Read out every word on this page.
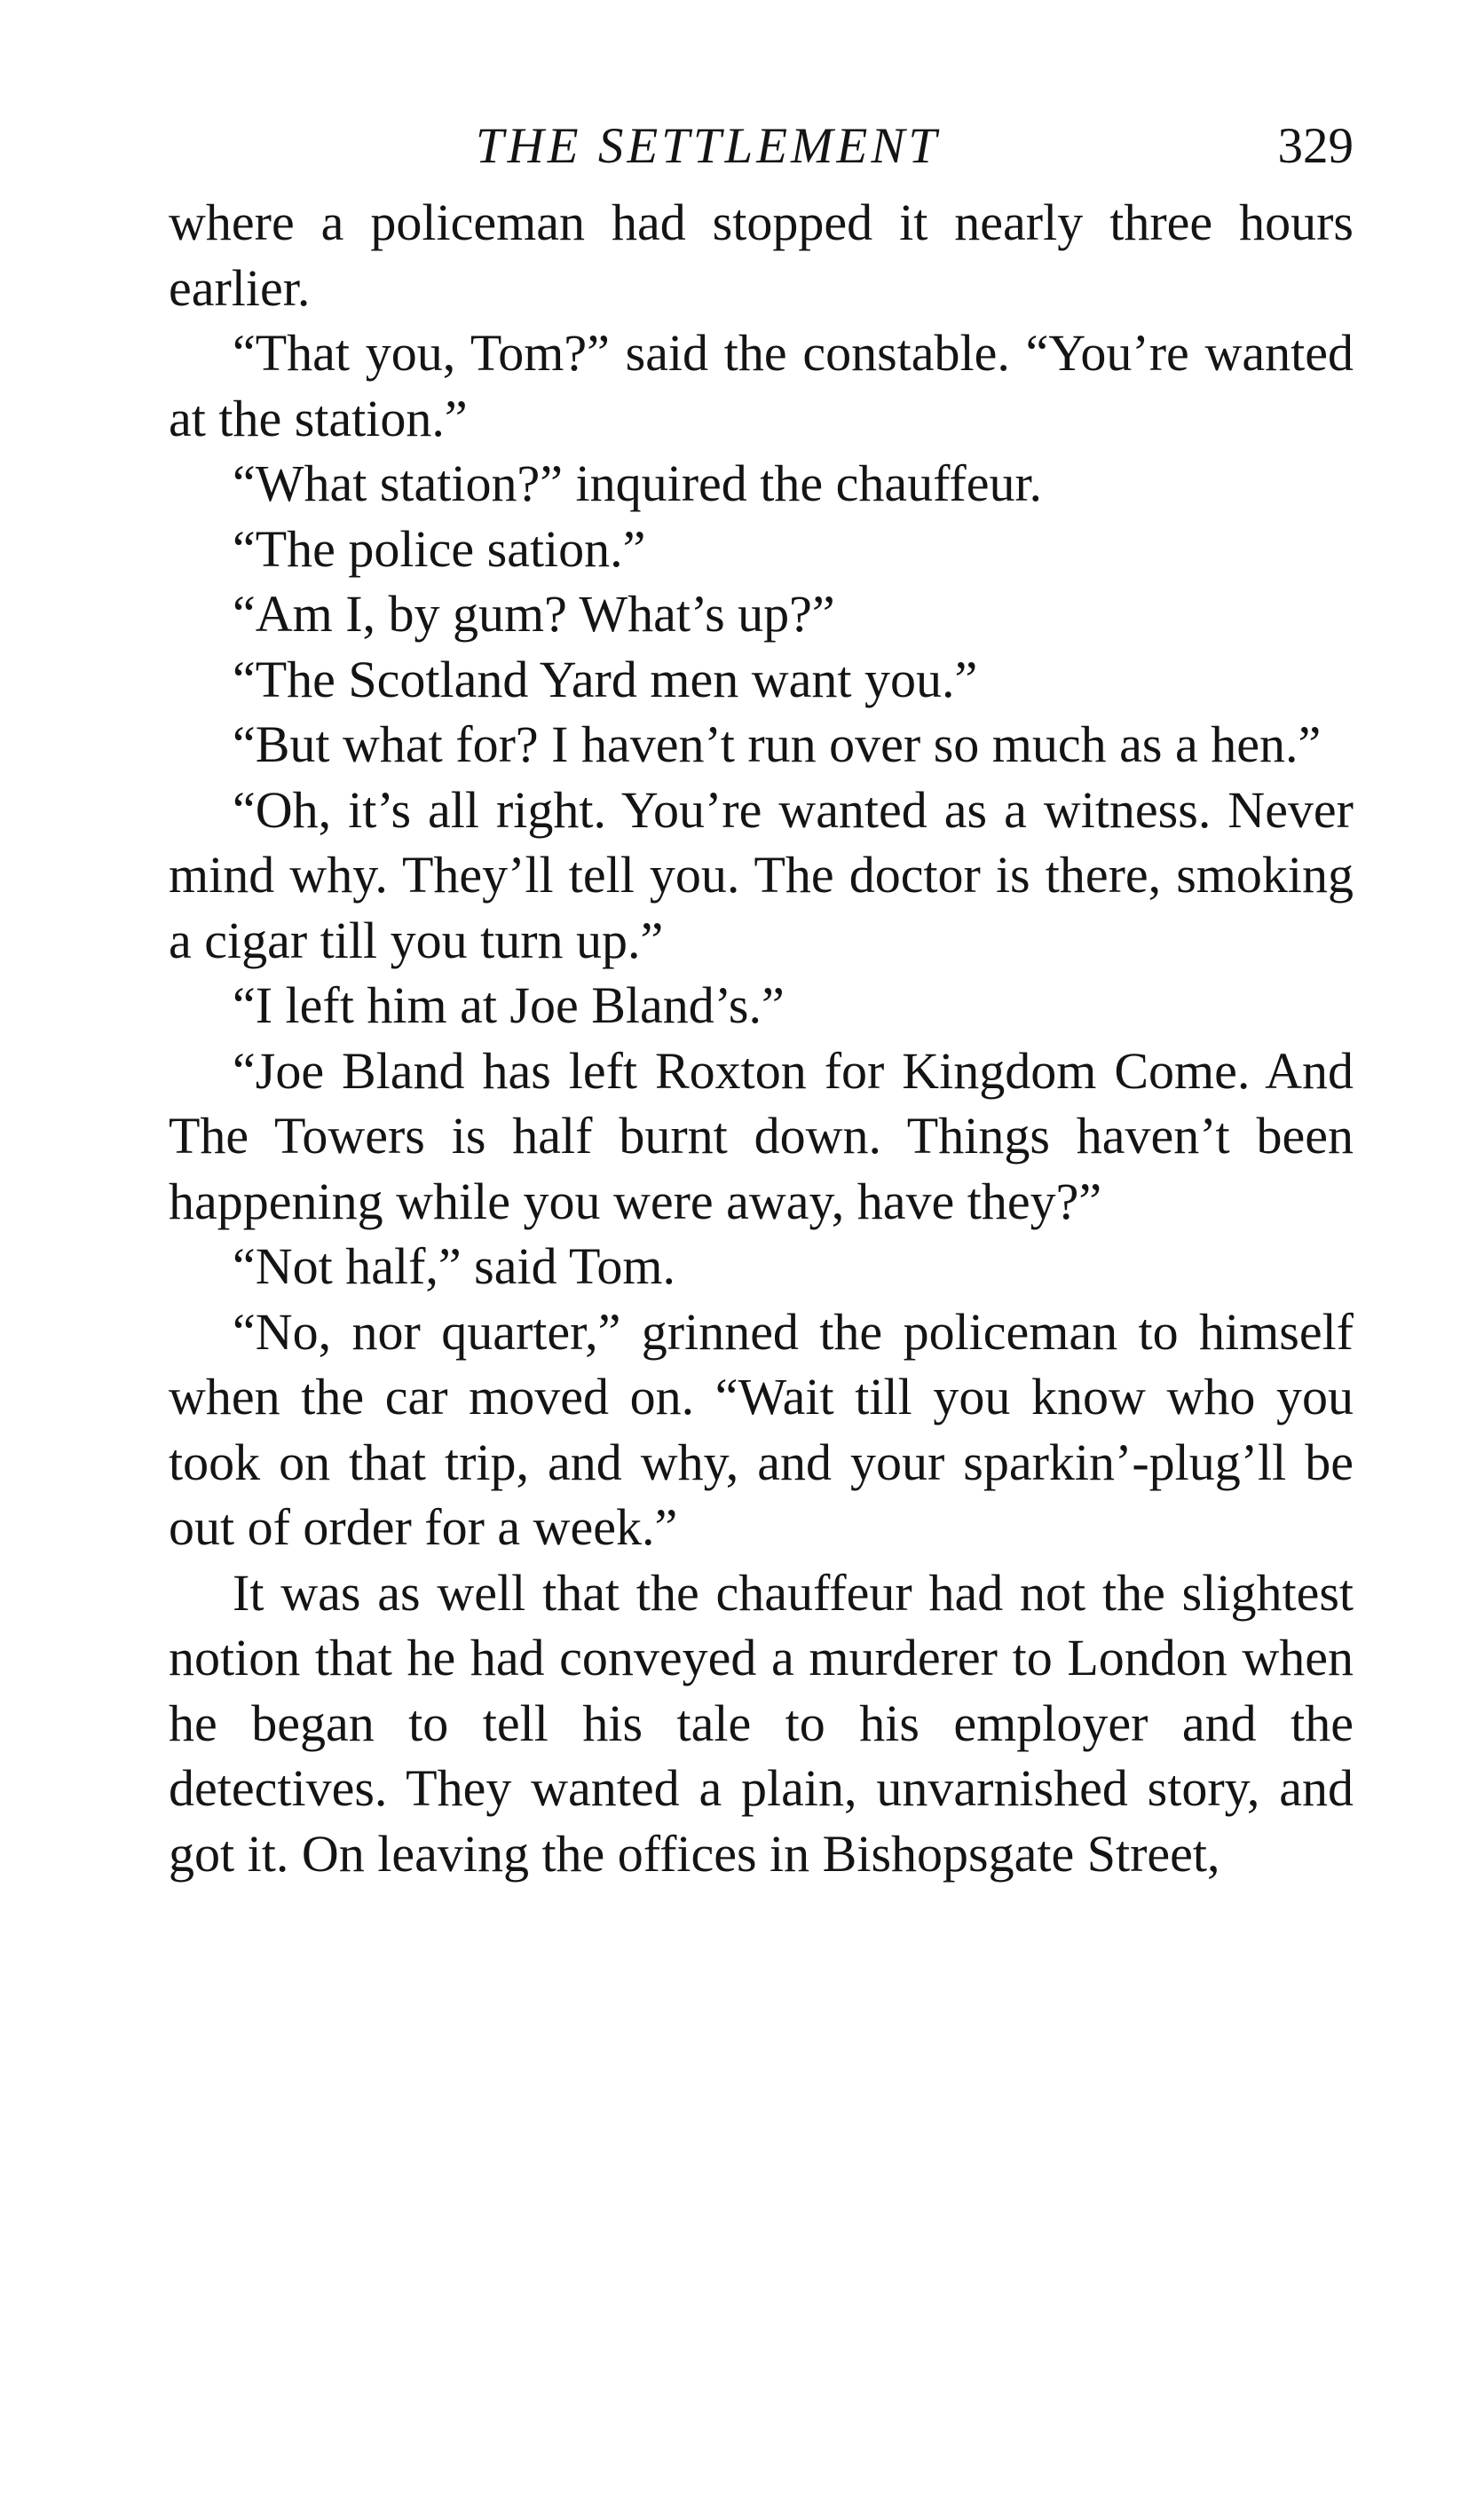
THE SETTLEMENT	329

where a policeman had stopped it nearly three hours earlier.

“That you, Tom?” said the constable. “You’re wanted at the station.”

“What station?” inquired the chauffeur.

“The police sation.”

“Am I, by gum? What’s up?”

“The Scotland Yard men want you.”

“But what for? I haven’t run over so much as a hen.”

“Oh, it’s all right. You’re wanted as a witness. Never mind why. They’ll tell you. The doctor is there, smoking a cigar till you turn up.”

“I left him at Joe Bland’s.”

“Joe Bland has left Roxton for Kingdom Come. And The Towers is half burnt down. Things haven’t been happening while you were away, have they?”

“Not half,” said Tom.

“No, nor quarter,” grinned the policeman to himself when the car moved on. “Wait till you know who you took on that trip, and why, and your sparkin’-plug’ll be out of order for a week.”

It was as well that the chauffeur had not the slightest notion that he had conveyed a murderer to London when he began to tell his tale to his employer and the detectives. They wanted a plain, unvarnished story, and got it. On leaving the offices in Bishopsgate Street,
